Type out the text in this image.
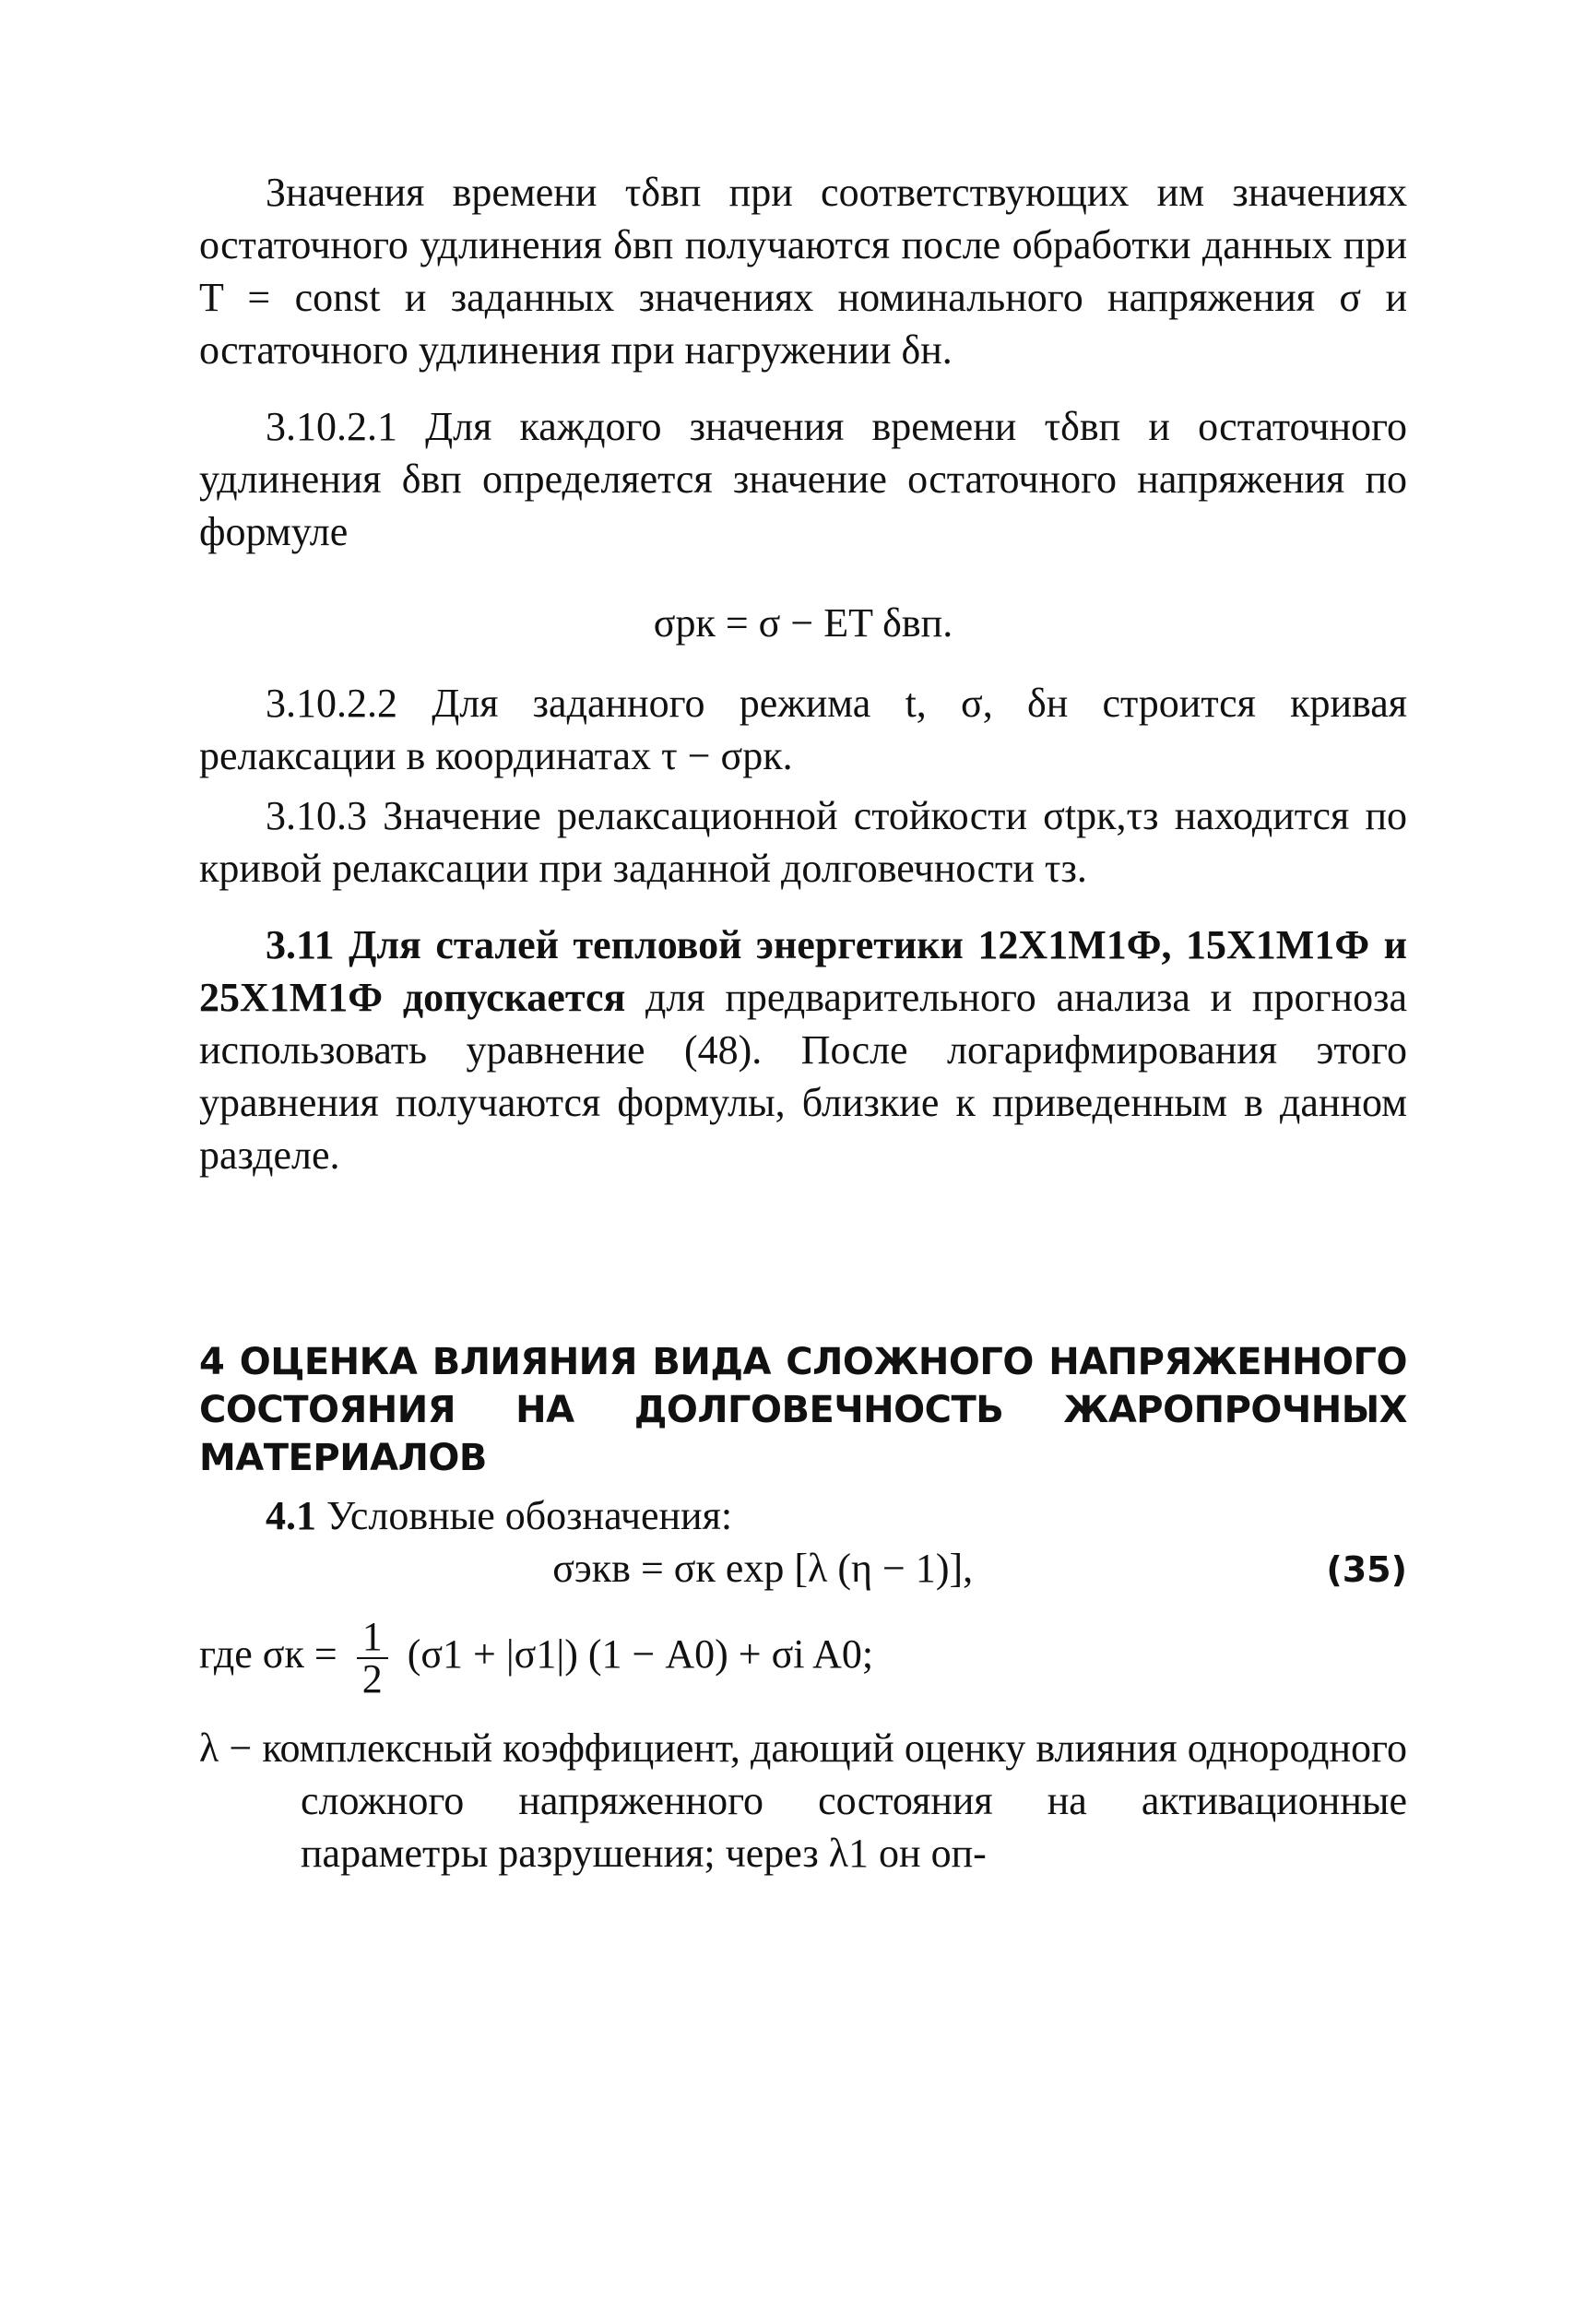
Значения времени τδвп при соответствующих им значениях остаточного удлинения δвп получаются после обработки данных при T = const и заданных значениях номинального напряжения σ и остаточного удлинения при нагружении δн.

3.10.2.1 Для каждого значения времени τδвп и остаточного удлинения δвп определяется значение остаточного напряжения по формуле

σрк = σ − ET δвп.

3.10.2.2 Для заданного режима t, σ, δн строится кривая релаксации в координатах τ − σрк.

3.10.3 Значение релаксационной стойкости σtрк,τз находится по кривой релаксации при заданной долговечности τз.

3.11 Для сталей тепловой энергетики 12Х1М1Ф, 15Х1М1Ф и 25Х1М1Ф допускается для предварительного анализа и прогноза использовать уравнение (48). После логарифмирования этого уравнения получаются формулы, близкие к приведенным в данном разделе.

4 ОЦЕНКА ВЛИЯНИЯ ВИДА СЛОЖНОГО НАПРЯЖЕННОГО СОСТОЯНИЯ НА ДОЛГОВЕЧНОСТЬ ЖАРОПРОЧНЫХ МАТЕРИАЛОВ

4.1 Условные обозначения:

σэкв = σк exp [λ (η − 1)],	(35)

где $\sigma к = \frac{1}{2} (\sigma 1 + |\sigma 1|) (1 - A0) + \sigma i$ A0;

λ − комплексный коэффициент, дающий оценку влияния однородного сложного напряженного состояния на активационные параметры разрушения; через λ1 он оп-
